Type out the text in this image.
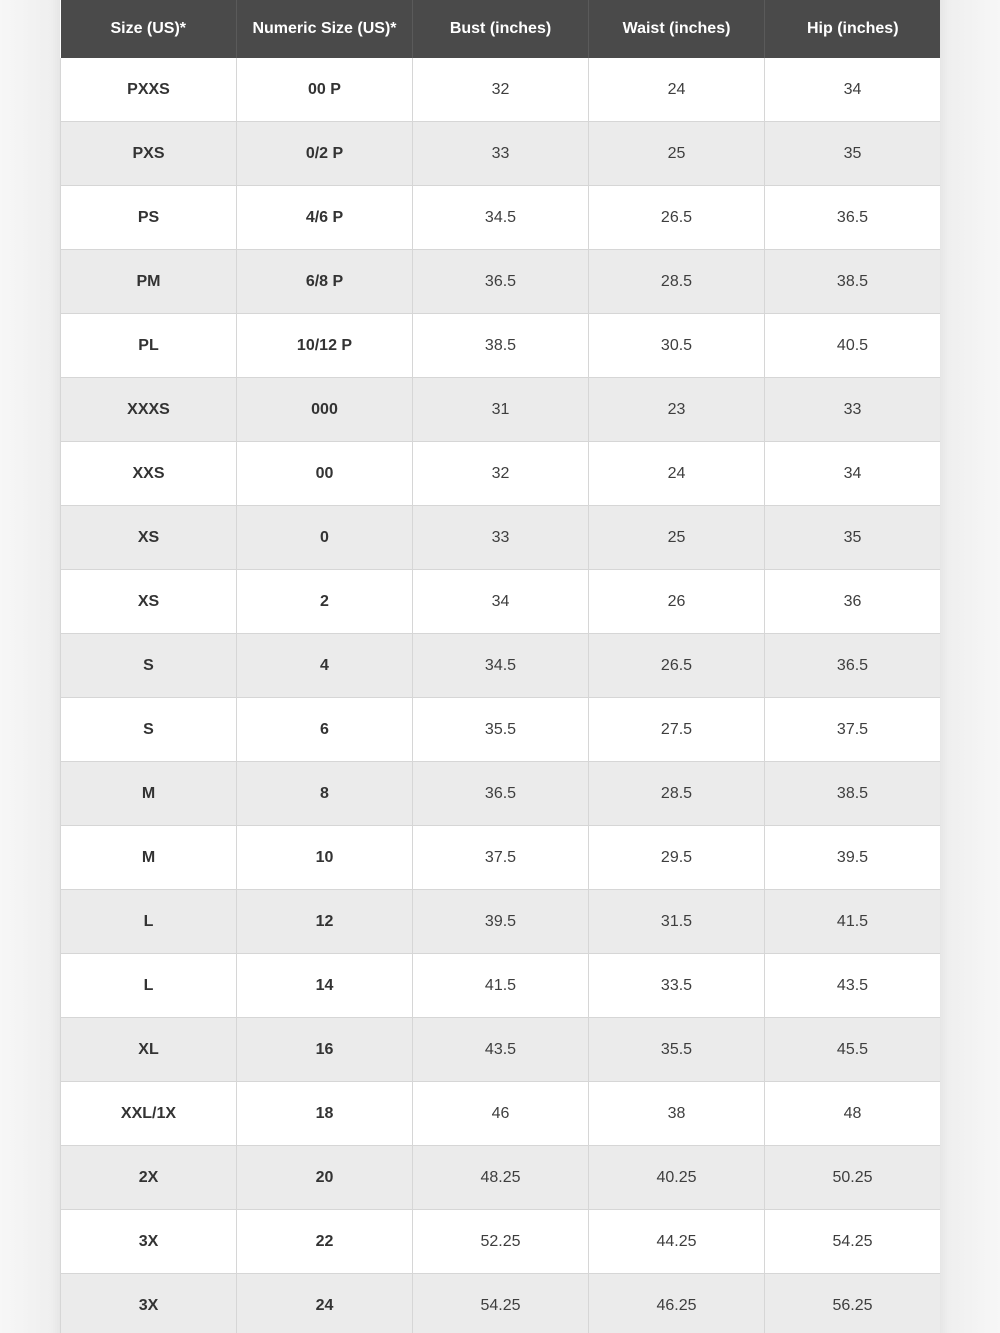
Size (US)*	Numeric Size (US)*	Bust (inches)	Waist (inches)	Hip (inches)
PXXS	00 P	32	24	34
PXS	0/2 P	33	25	35
PS	4/6 P	34.5	26.5	36.5
PM	6/8 P	36.5	28.5	38.5
PL	10/12 P	38.5	30.5	40.5
XXXS	000	31	23	33
XXS	00	32	24	34
XS	0	33	25	35
XS	2	34	26	36
S	4	34.5	26.5	36.5
S	6	35.5	27.5	37.5
M	8	36.5	28.5	38.5
M	10	37.5	29.5	39.5
L	12	39.5	31.5	41.5
L	14	41.5	33.5	43.5
XL	16	43.5	35.5	45.5
XXL/1X	18	46	38	48
2X	20	48.25	40.25	50.25
3X	22	52.25	44.25	54.25
3X	24	54.25	46.25	56.25
